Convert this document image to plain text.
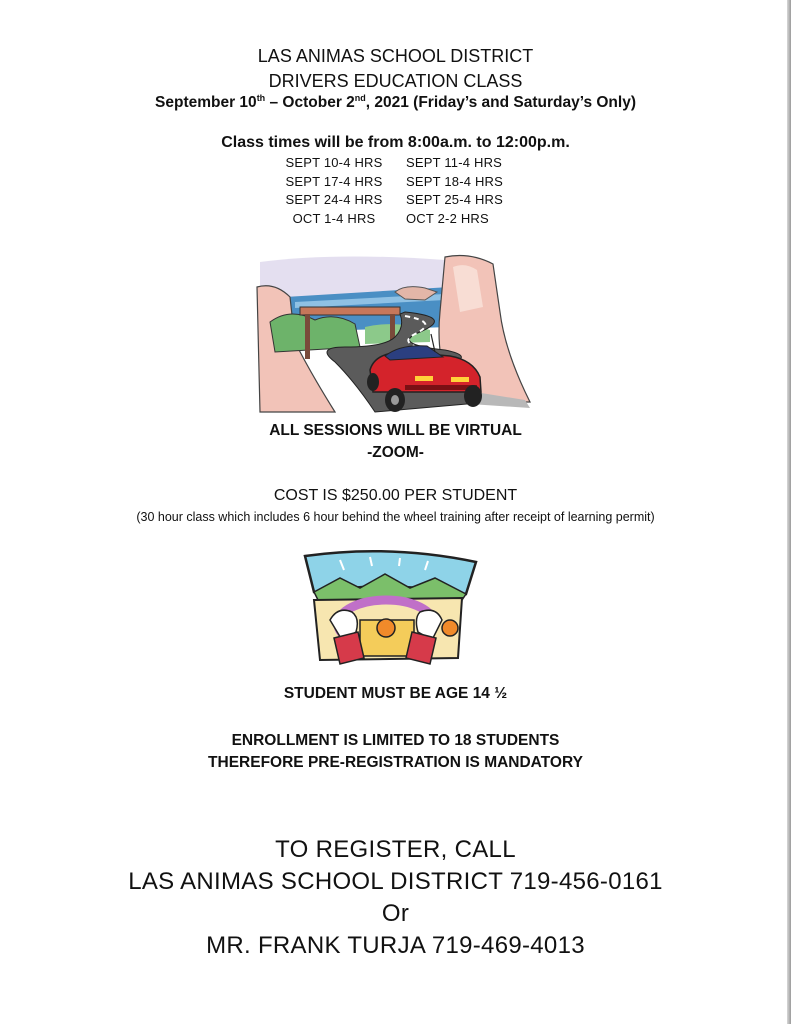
LAS ANIMAS SCHOOL DISTRICT
DRIVERS EDUCATION CLASS
September 10th – October 2nd, 2021 (Friday’s and Saturday’s Only)
Class times will be from 8:00a.m. to 12:00p.m.
SEPT 10-4 HRS	SEPT 11-4 HRS
SEPT 17-4 HRS	SEPT 18-4 HRS
SEPT 24-4 HRS	SEPT 25-4 HRS
OCT 1-4 HRS	OCT 2-2 HRS
ALL SESSIONS WILL BE VIRTUAL
-ZOOM-
COST IS $250.00 PER STUDENT
(30 hour class which includes 6 hour behind the wheel training after receipt of learning permit)
STUDENT MUST BE AGE 14 ½
ENROLLMENT IS LIMITED TO 18 STUDENTS
THEREFORE PRE-REGISTRATION IS MANDATORY
TO REGISTER, CALL
LAS ANIMAS SCHOOL DISTRICT 719-456-0161
Or
MR. FRANK TURJA 719-469-4013
